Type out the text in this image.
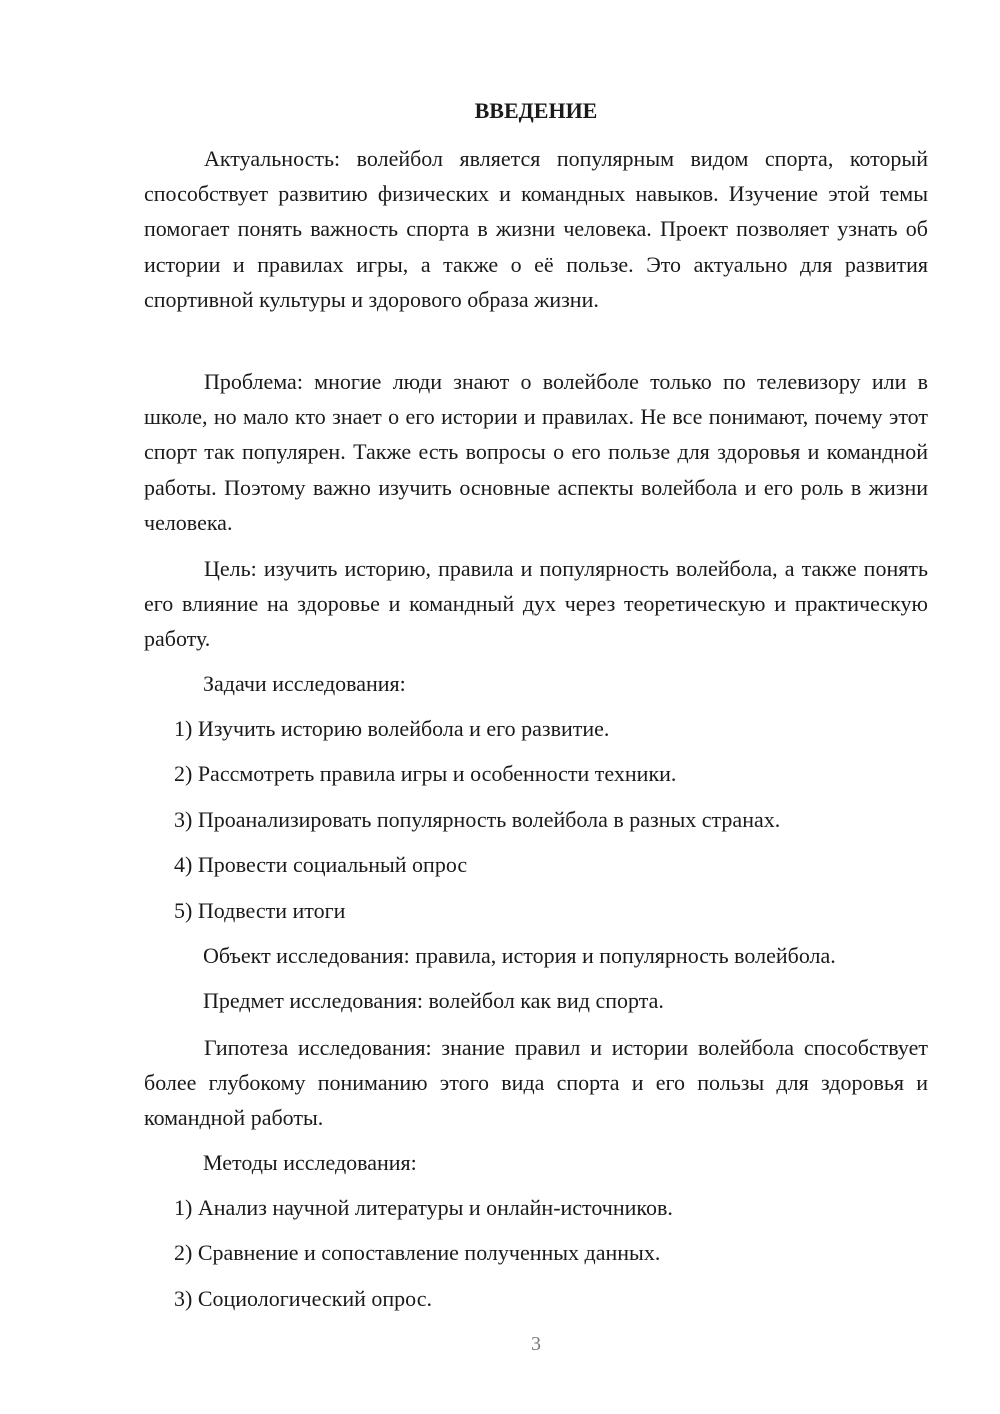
ВВЕДЕНИЕ

Актуальность: волейбол является популярным видом спорта, который способствует развитию физических и командных навыков. Изучение этой темы помогает понять важность спорта в жизни человека. Проект позволяет узнать об истории и правилах игры, а также о её пользе. Это актуально для развития спортивной культуры и здорового образа жизни.

Проблема: многие люди знают о волейболе только по телевизору или в школе, но мало кто знает о его истории и правилах. Не все понимают, почему этот спорт так популярен. Также есть вопросы о его пользе для здоровья и командной работы. Поэтому важно изучить основные аспекты волейбола и его роль в жизни человека.

Цель: изучить историю, правила и популярность волейбола, а также понять его влияние на здоровье и командный дух через теоретическую и практическую работу.

Задачи исследования:
1) Изучить историю волейбола и его развитие.
2) Рассмотреть правила игры и особенности техники.
3) Проанализировать популярность волейбола в разных странах.
4) Провести социальный опрос
5) Подвести итоги
Объект исследования: правила, история и популярность волейбола.
Предмет исследования: волейбол как вид спорта.

Гипотеза исследования: знание правил и истории волейбола способствует более глубокому пониманию этого вида спорта и его пользы для здоровья и командной работы.

Методы исследования:
1) Анализ научной литературы и онлайн-источников.
2) Сравнение и сопоставление полученных данных.
3) Социологический опрос.
3
